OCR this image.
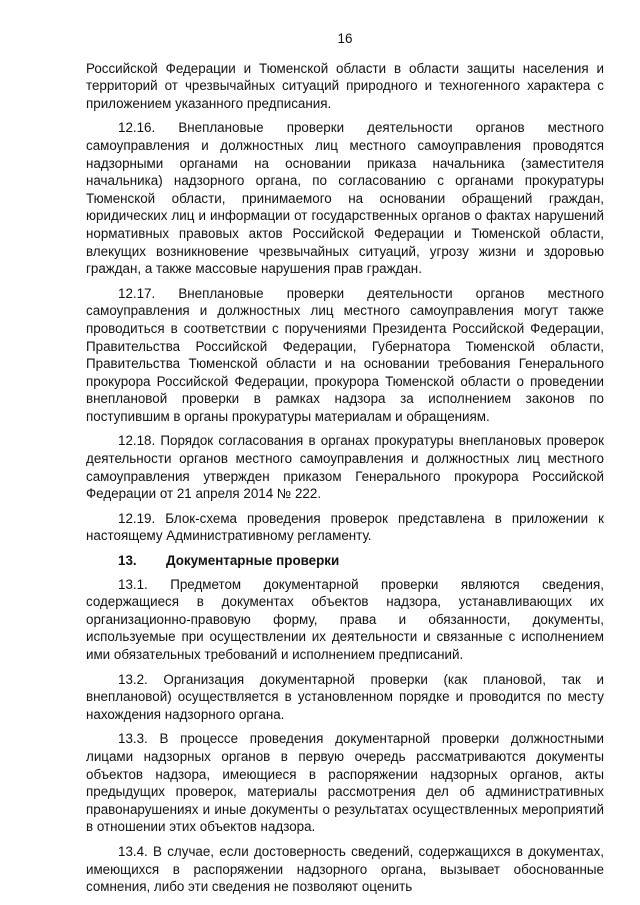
16

Российской Федерации и Тюменской области в области защиты населения и территорий от чрезвычайных ситуаций природного и техногенного характера с приложением указанного предписания.

12.16. Внеплановые проверки деятельности органов местного самоуправления и должностных лиц местного самоуправления проводятся надзорными органами на основании приказа начальника (заместителя начальника) надзорного органа, по согласованию с органами прокуратуры Тюменской области, принимаемого на основании обращений граждан, юридических лиц и информации от государственных органов о фактах нарушений нормативных правовых актов Российской Федерации и Тюменской области, влекущих возникновение чрезвычайных ситуаций, угрозу жизни и здоровью граждан, а также массовые нарушения прав граждан.

12.17. Внеплановые проверки деятельности органов местного самоуправления и должностных лиц местного самоуправления могут также проводиться в соответствии с поручениями Президента Российской Федерации, Правительства Российской Федерации, Губернатора Тюменской области, Правительства Тюменской области и на основании требования Генерального прокурора Российской Федерации, прокурора Тюменской области о проведении внеплановой проверки в рамках надзора за исполнением законов по поступившим в органы прокуратуры материалам и обращениям.

12.18. Порядок согласования в органах прокуратуры внеплановых проверок деятельности органов местного самоуправления и должностных лиц местного самоуправления утвержден приказом Генерального прокурора Российской Федерации от 21 апреля 2014 № 222.

12.19. Блок-схема проведения проверок представлена в приложении к настоящему Административному регламенту.

13. Документарные проверки

13.1. Предметом документарной проверки являются сведения, содержащиеся в документах объектов надзора, устанавливающих их организационно-правовую форму, права и обязанности, документы, используемые при осуществлении их деятельности и связанные с исполнением ими обязательных требований и исполнением предписаний.

13.2. Организация документарной проверки (как плановой, так и внеплановой) осуществляется в установленном порядке и проводится по месту нахождения надзорного органа.

13.3. В процессе проведения документарной проверки должностными лицами надзорных органов в первую очередь рассматриваются документы объектов надзора, имеющиеся в распоряжении надзорных органов, акты предыдущих проверок, материалы рассмотрения дел об административных правонарушениях и иные документы о результатах осуществленных мероприятий в отношении этих объектов надзора.

13.4. В случае, если достоверность сведений, содержащихся в документах, имеющихся в распоряжении надзорного органа, вызывает обоснованные сомнения, либо эти сведения не позволяют оценить
